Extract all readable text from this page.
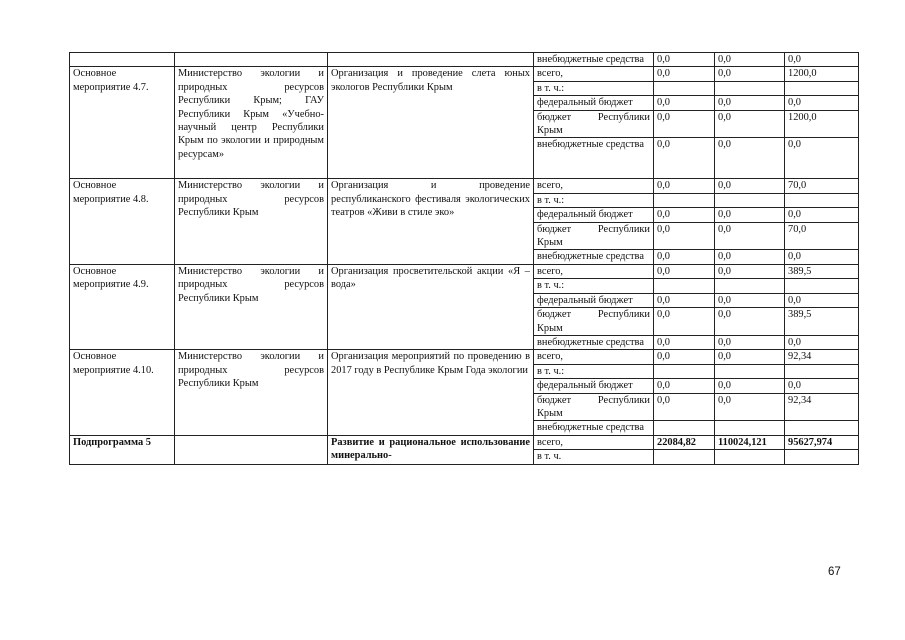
			внебюджетные средства	0,0	0,0	0,0
Основное мероприятие 4.7.	Министерство экологии и природных ресурсов Республики Крым; ГАУ Республики Крым «Учебно-научный центр Республики Крым по экологии и природным ресурсам»	Организация и проведение слета юных экологов Республики Крым	всего,	0,0	0,0	1200,0
			в т. ч.:			
			федеральный бюджет	0,0	0,0	0,0
			бюджет Республики Крым	0,0	0,0	1200,0
			внебюджетные средства	0,0	0,0	0,0
Основное мероприятие 4.8.	Министерство экологии и природных ресурсов Республики Крым	Организация и проведение республиканского фестиваля экологических театров «Живи в стиле эко»	всего,	0,0	0,0	70,0
			в т. ч.:			
			федеральный бюджет	0,0	0,0	0,0
			бюджет Республики Крым	0,0	0,0	70,0
			внебюджетные средства	0,0	0,0	0,0
Основное мероприятие 4.9.	Министерство экологии и природных ресурсов Республики Крым	Организация просветительской акции «Я – вода»	всего,	0,0	0,0	389,5
			в т. ч.:			
			федеральный бюджет	0,0	0,0	0,0
			бюджет Республики Крым	0,0	0,0	389,5
			внебюджетные средства	0,0	0,0	0,0
Основное мероприятие 4.10.	Министерство экологии и природных ресурсов Республики Крым	Организация мероприятий по проведению в 2017 году в Республике Крым Года экологии	всего,	0,0	0,0	92,34
			в т. ч.:			
			федеральный бюджет	0,0	0,0	0,0
			бюджет Республики Крым	0,0	0,0	92,34
			внебюджетные средства			
Подпрограмма 5		Развитие и рациональное использование минерально-	всего,	22084,82	110024,121	95627,974
			в т. ч.			
67
